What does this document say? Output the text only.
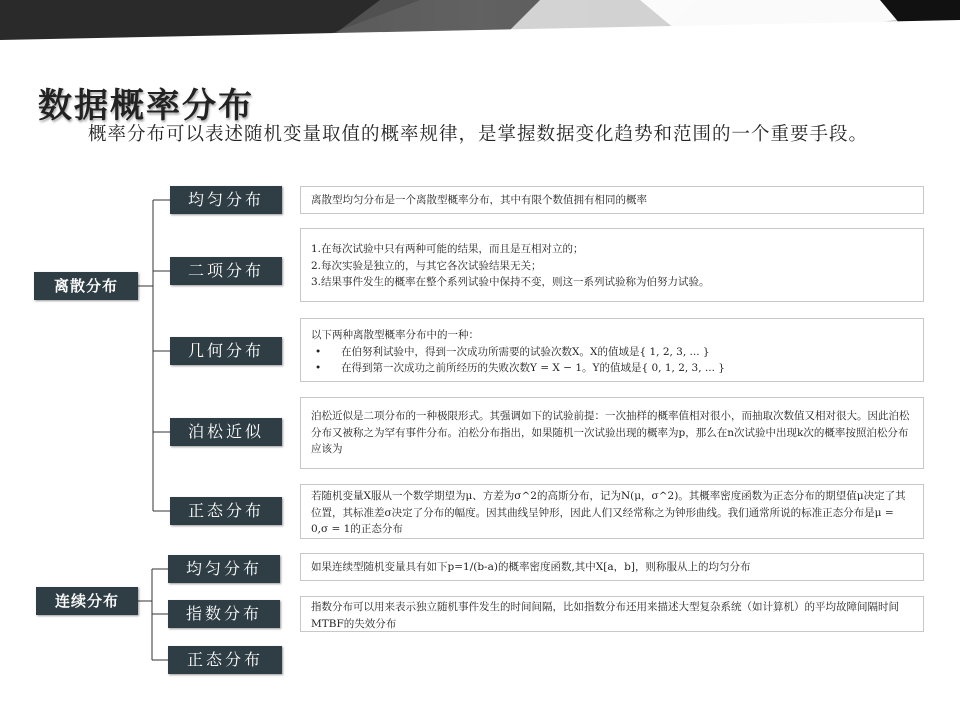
数据概率分布
概率分布可以表述随机变量取值的概率规律，是掌握数据变化趋势和范围的一个重要手段。
离散分布
连续分布
均匀分布
二项分布
几何分布
泊松近似
正态分布
均匀分布
指数分布
正态分布

离散型均匀分布是一个离散型概率分布，其中有限个数值拥有相同的概率

1.在每次试验中只有两种可能的结果，而且是互相对立的；

2.每次实验是独立的，与其它各次试验结果无关；

3.结果事件发生的概率在整个系列试验中保持不变，则这一系列试验称为伯努力试验。

以下两种离散型概率分布中的一种：

• 在伯努利试验中，得到一次成功所需要的试验次数X。X的值域是{ 1, 2, 3, ... }
• 在得到第一次成功之前所经历的失败次数Y = X − 1。Y的值域是{ 0, 1, 2, 3, ... }

泊松近似是二项分布的一种极限形式。其强调如下的试验前提：一次抽样的概率值相对很小，而抽取次数值又相对很大。因此泊松分布又被称之为罕有事件分布。泊松分布指出，如果随机一次试验出现的概率为p，那么在n次试验中出现k次的概率按照泊松分布应该为

若随机变量X服从一个数学期望为μ、方差为σ^2的高斯分布，记为N(μ，σ^2)。其概率密度函数为正态分布的期望值μ决定了其位置，其标准差σ决定了分布的幅度。因其曲线呈钟形，因此人们又经常称之为钟形曲线。我们通常所说的标准正态分布是μ = 0,σ = 1的正态分布

如果连续型随机变量具有如下p=1/(b-a)的概率密度函数,其中X[a，b]，则称服从上的均匀分布

指数分布可以用来表示独立随机事件发生的时间间隔，比如指数分布还用来描述大型复杂系统（如计算机）的平均故障间隔时间MTBF的失效分布
